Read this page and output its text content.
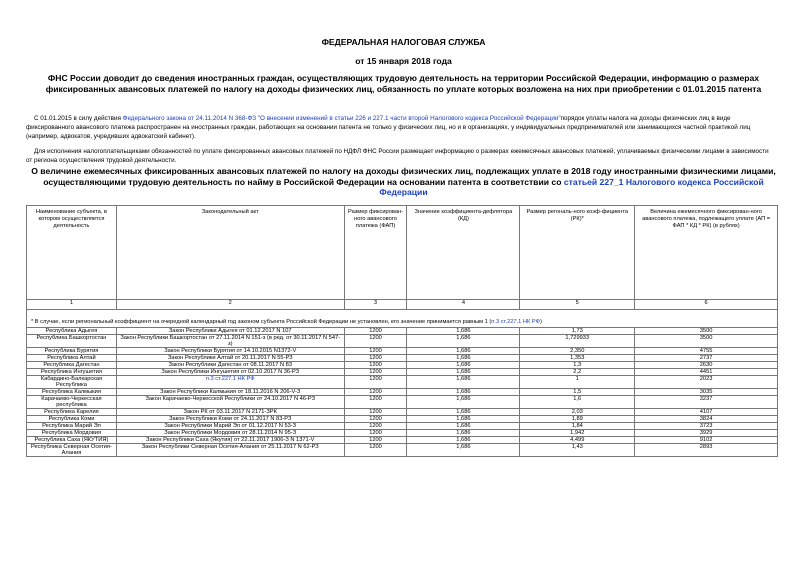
ФЕДЕРАЛЬНАЯ НАЛОГОВАЯ СЛУЖБА
от 15 января 2018 года
ФНС России доводит до сведения иностранных граждан, осуществляющих трудовую деятельность на территории Российской Федерации, информацию о размерах фиксированных авансовых платежей по налогу на доходы физических лиц, обязанность по уплате которых возложена на них при приобретении с 01.01.2015 патента
С 01.01.2015 в силу действия Федерального закона от 24.11.2014 N 368-ФЗ "О внесении изменений в статьи 226 и 227.1 части второй Налогового кодекса Российской Федерации"порядок уплаты налога на доходы физических лиц в виде фиксированного авансового платежа распространен на иностранных граждан, работающих на основании патента не только у физических лиц, но и в организациях, у индивидуальных предпринимателей или занимающихся частной практикой лиц (например, адвокатов, учредивших адвокатский кабинет).
Для исполнения налогоплательщиками обязанностей по уплате фиксированных авансовых платежей по НДФЛ ФНС России размещает информацию о размерах ежемесячных авансовых платежей, уплачиваемых физическими лицами в зависимости от региона осуществления трудовой деятельности.
О величине ежемесячных фиксированных авансовых платежей по налогу на доходы физических лиц, подлежащих уплате в 2018 году иностранными физическими лицами, осуществляющими трудовую деятельность по найму в Российской Федерации на основании патента в соответствии со статьей 227_1 Налогового кодекса Российской Федерации
Наименование субъекта, в котором осуществляется деятельность	Законодательный акт	Размер фиксирован-ного авансового платежа (ФАП)	Значение коэффициента-дефлятора (КД)	Размер регональ-ного коэф-фициента (РК)*	Величина ежемесячного фиксирован-ного авансового платежа, подлежащего уплате (АП = ФАП * КД * РК) (в рублях)
1	2	3	4	5	6

* В случае, если региональный коэффициент на очередной календарный год законом субъекта Российской Федерации не установлен, его значение принимается равным 1 (п.3 ст.227.1 НК РФ)					
Республика Адыгея	Закон Республики Адыгея от 01.12.2017 N 107	1200	1,686	1,73	3500
Республика Башкортостан	Закон Республики Башкортостан от 27.11.2014 N 151-з (в ред. от 30.11.2017 N 547-з)	1200	1,686	1,729933	3500
Республика Бурятия	Закон Республики Бурятия от 14.10.2015 N1372-V	1200	1,686	2,350	4755
Республика Алтай	Закон Республики Алтай от 20.11.2017 N 55-РЗ	1200	1,686	1,353	2737
Республика Дагестан	Закон Республики Дагестан от 08.11.2017 N 83	1200	1,686	1,3	2630
Республика Ингушетия	Закон Республики Ингушетия от 02.10.2017 N 36-РЗ	1200	1,686	2,2	4451
Кабардино-Балкарская Республика	п.3 ст.227.1 НК РФ	1200	1,686	1	2023
Республика Калмыкия	Закон Республики Калмыкия от 18.11.2016 N 206-V-З	1200	1,686	1,5	3035
Карачаево-Черкесская республика	Закон Карачаево-Черкесской Республики от 24.10.2017 N 46-РЗ	1200	1,686	1,6	3237
Республика Карелия	Закон РК от 03.11.2017 N 2171-ЗРК	1200	1,686	2,03	4107
Республика Коми	Закон Республики Коми от 24.11.2017 N 83-РЗ	1200	1,686	1,89	3824
Республика Марий Эл	Закон Республики Марий Эл от 01.12.2017 N 53-З	1200	1,686	1,84	3723
Республика Мордовия	Закон Республики Мордовия от 28.11.2014 N 95-З	1200	1,686	1,942	3929
Республика Саха (ЯКУТИЯ)	Закон Республики Саха (Якутия) от 22.11.2017 1906-З N 1371-V	1200	1,686	4,499	9102
Республика Северная Осетия-Алания	Закон Республики Северная Осетия-Алания от 25.11.2017 N 62-РЗ	1200	1,686	1,43	2893
